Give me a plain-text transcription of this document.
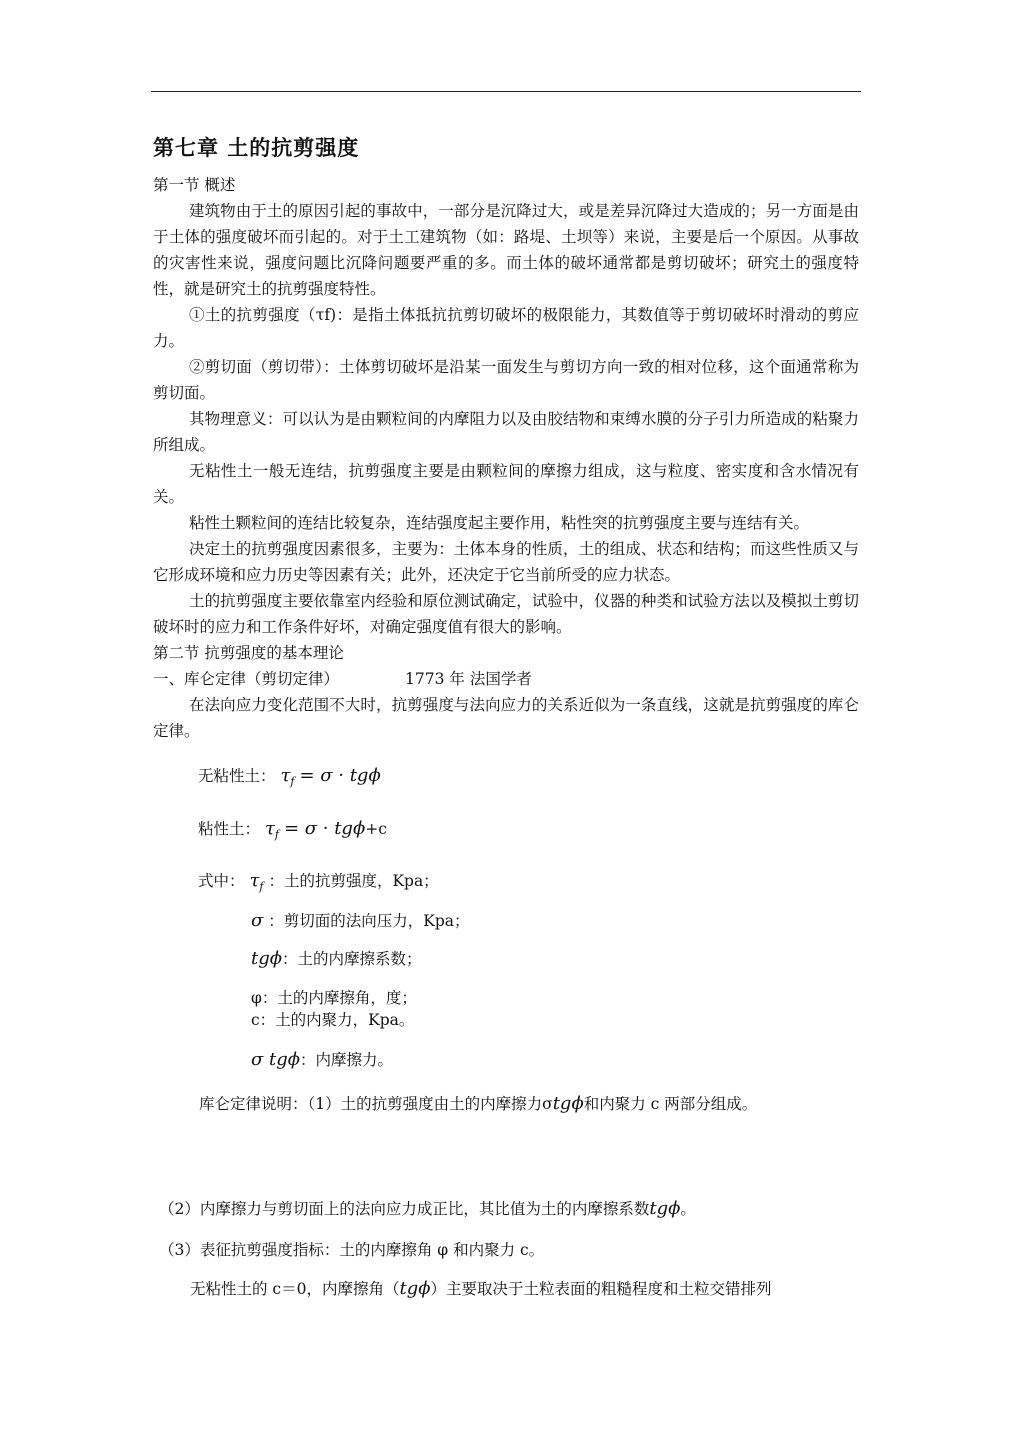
第七章 土的抗剪强度

第一节 概述

建筑物由于土的原因引起的事故中，一部分是沉降过大，或是差异沉降过大造成的；另一方面是由于土体的强度破坏而引起的。对于土工建筑物（如：路堤、土坝等）来说，主要是后一个原因。从事故的灾害性来说，强度问题比沉降问题要严重的多。而土体的破坏通常都是剪切破坏；研究土的强度特性，就是研究土的抗剪强度特性。

①土的抗剪强度（τf)：是指土体抵抗抗剪切破坏的极限能力，其数值等于剪切破坏时滑动的剪应力。

②剪切面（剪切带）：土体剪切破坏是沿某一面发生与剪切方向一致的相对位移，这个面通常称为剪切面。

其物理意义：可以认为是由颗粒间的内摩阻力以及由胶结物和束缚水膜的分子引力所造成的粘聚力所组成。

无粘性土一般无连结，抗剪强度主要是由颗粒间的摩擦力组成，这与粒度、密实度和含水情况有关。

粘性土颗粒间的连结比较复杂，连结强度起主要作用，粘性突的抗剪强度主要与连结有关。

决定土的抗剪强度因素很多，主要为：土体本身的性质，土的组成、状态和结构；而这些性质又与它形成环境和应力历史等因素有关；此外，还决定于它当前所受的应力状态。

土的抗剪强度主要依靠室内经验和原位测试确定，试验中，仪器的种类和试验方法以及模拟土剪切破坏时的应力和工作条件好坏，对确定强度值有很大的影响。

第二节 抗剪强度的基本理论

一、库仑定律（剪切定律）	1773 年 法国学者

在法向应力变化范围不大时，抗剪强度与法向应力的关系近似为一条直线，这就是抗剪强度的库仑定律。

无粘性土： $\tau_f = \sigma \cdot tg\phi$

粘性土： $\tau_f = \sigma \cdot tg\phi+c$

式中： $\tau_f$ ：土的抗剪强度，Kpa；

σ ：剪切面的法向压力，Kpa；

tgϕ：土的内摩擦系数；

φ：土的内摩擦角，度；
c：土的内聚力，Kpa。

σ tgϕ：内摩擦力。

库仑定律说明：（1）土的抗剪强度由土的内摩擦力σtgϕ和内聚力 c 两部分组成。

（2）内摩擦力与剪切面上的法向应力成正比，其比值为土的内摩擦系数tgϕ。
（3）表征抗剪强度指标：土的内摩擦角 φ 和内聚力 c。
无粘性土的 c＝0，内摩擦角（tgϕ）主要取决于土粒表面的粗糙程度和土粒交错排列
